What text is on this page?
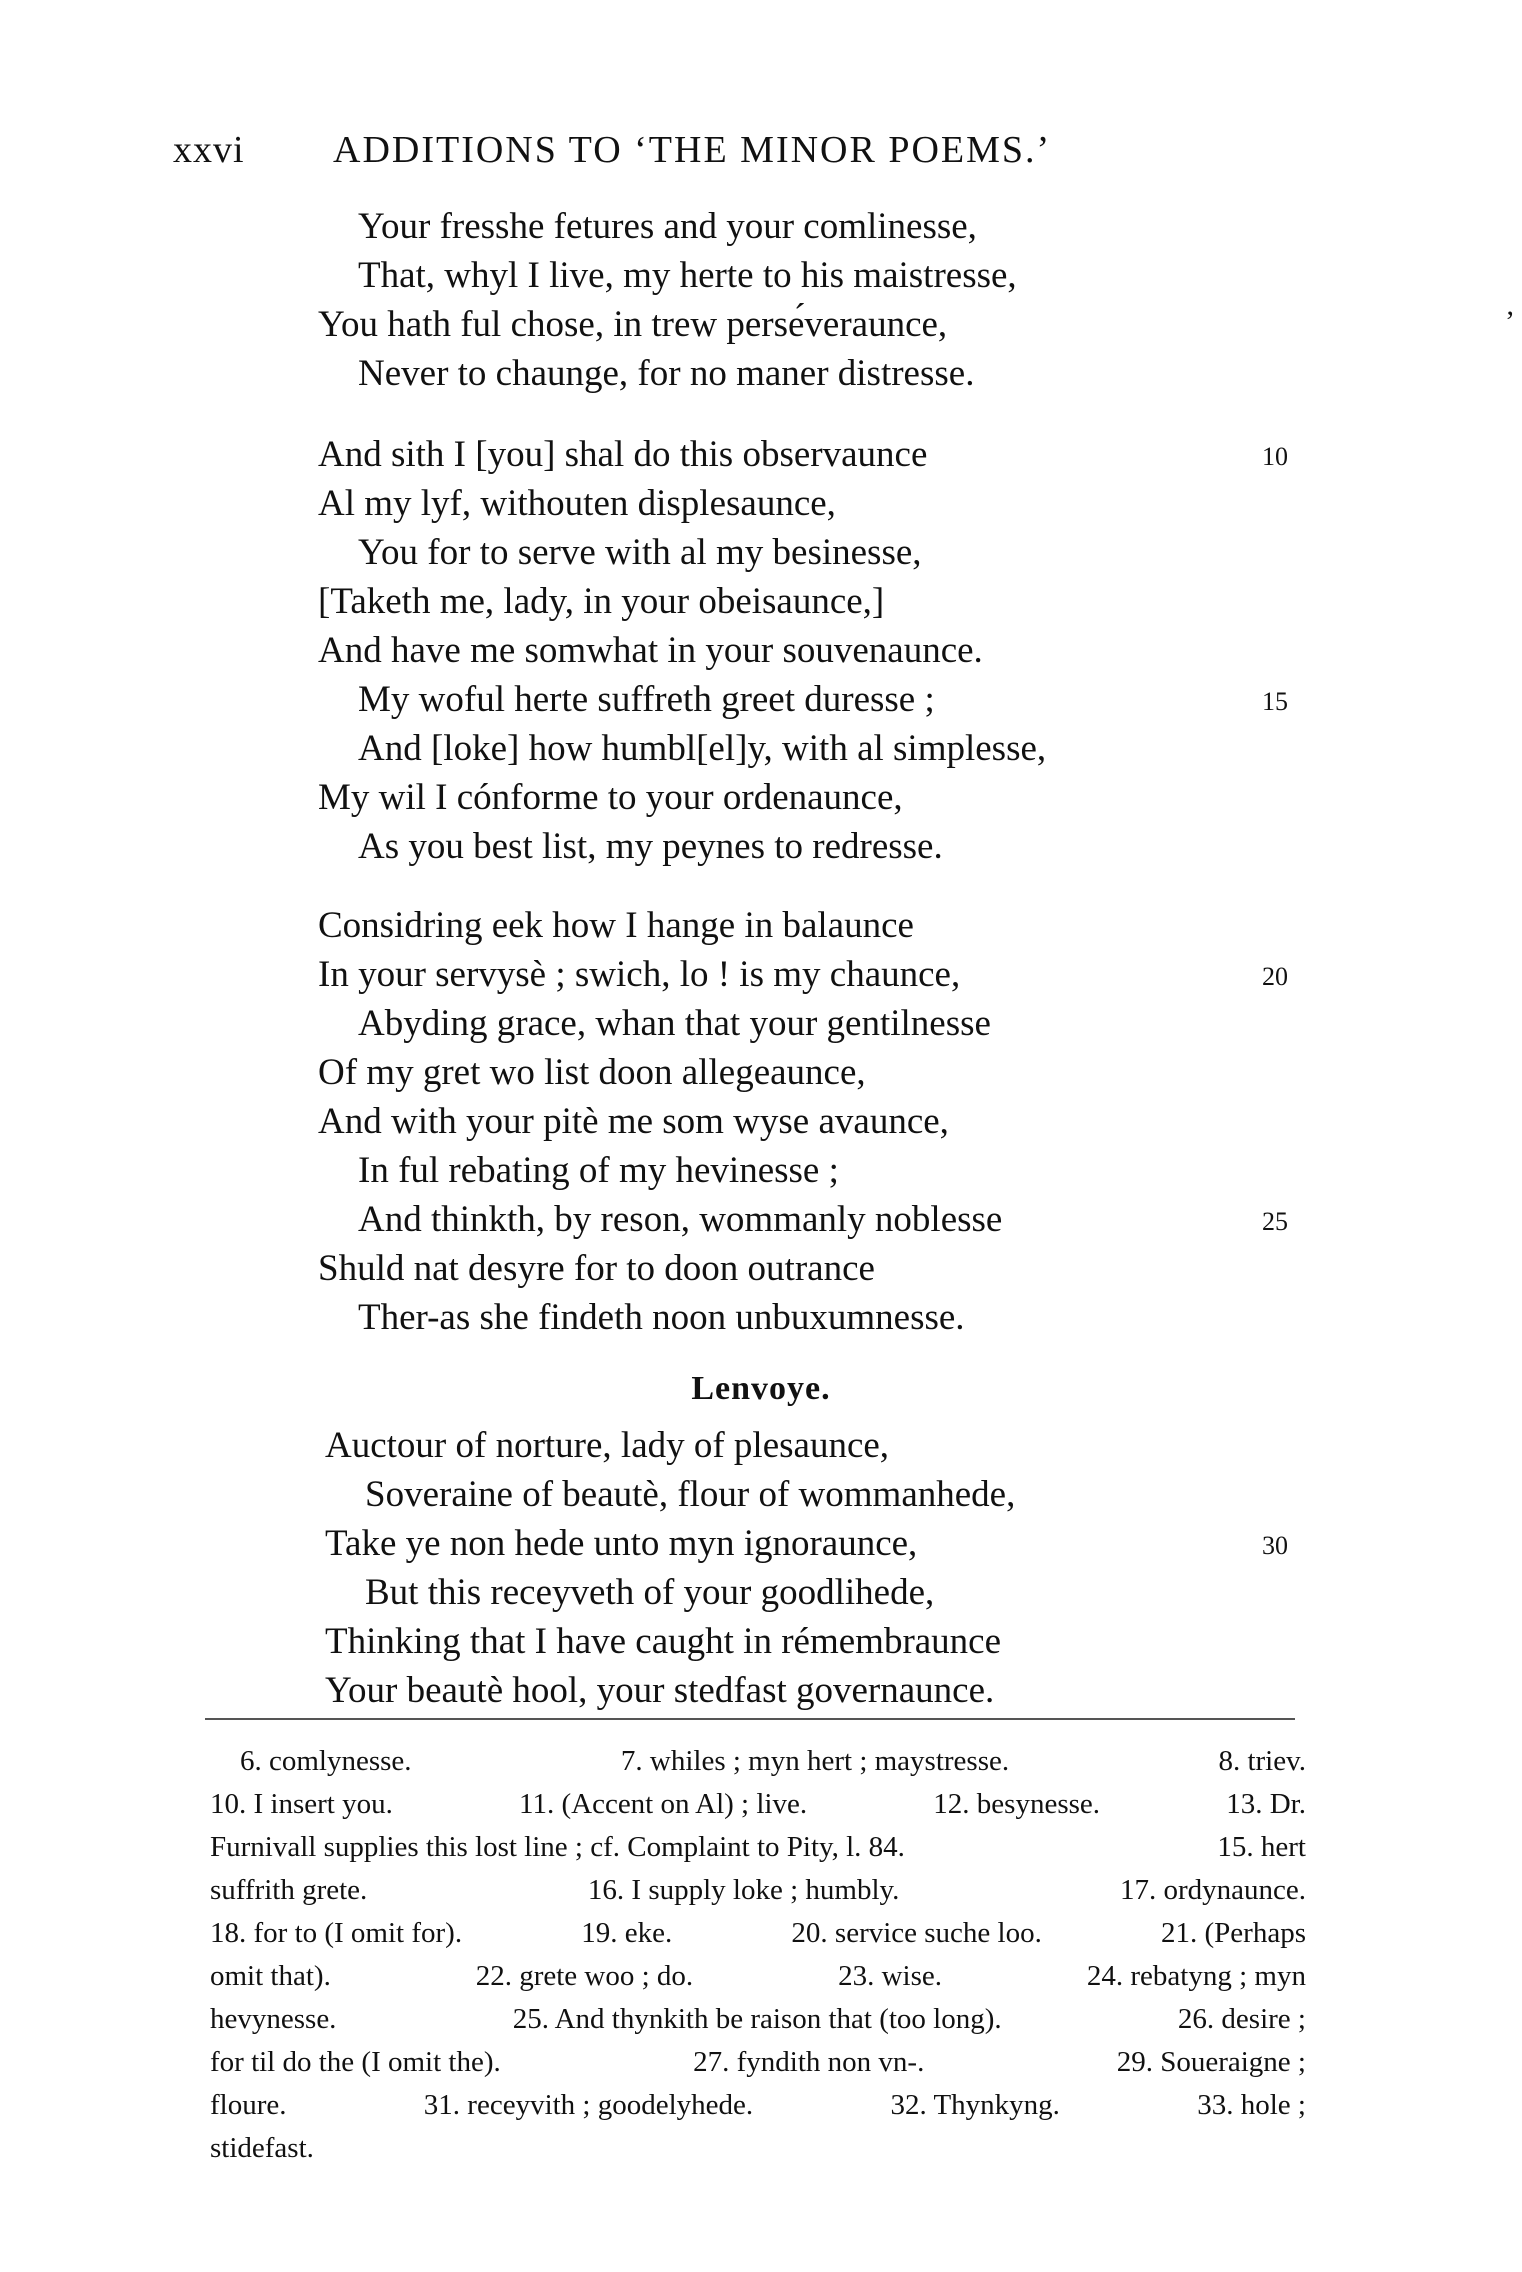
xxvi ADDITIONS TO ‘THE MINOR POEMS.’
’
Your fresshe fetures and your comlinesse,
That, whyl I live, my herte to his maistresse,
You hath ful chose, in trew persе́veraunce,
Never to chaunge, for no maner distresse.
And sith I [you] shal do this observaunce	10
Al my lyf, withouten displesaunce,
You for to serve with al my besinesse,
[Taketh me, lady, in your obeisaunce,]
And have me somwhat in your souvenaunce.
My woful herte suffreth greet duresse ;	15
And [loke] how humbl[el]y, with al simplesse,
My wil I cónforme to your ordenaunce,
As you best list, my peynes to redresse.
Considring eek how I hange in balaunce
In your servysѐ ; swich, lo ! is my chaunce,	20
Abyding grace, whan that your gentilnesse
Of my gret wo list doon allegeaunce,
And with your pitѐ me som wyse avaunce,
In ful rebating of my hevinesse ;
And thinkth, by reson, wommanly noblesse	25
Shuld nat desyre for to doon outrance
Ther-as she findeth noon unbuxumnesse.
Lenvoye.
Auctour of norture, lady of plesaunce,
Soveraine of beautѐ, flour of wommanhede,
Take ye non hede unto myn ignoraunce,	30
But this receyveth of your goodlihede,
Thinking that I have caught in rémembraunce
Your beautѐ hool, your stedfast governaunce.
6. comlynesse.	7. whiles ; myn hert ; maystresse.	8. triev.
10. I insert you.	11. (Accent on Al) ; live.	12. besynesse.	13. Dr.
Furnivall supplies this lost line ; cf. Complaint to Pity, l. 84.	15. hert
suffrith grete.	16. I supply loke ; humbly.	17. ordynaunce.
18. for to (I omit for).	19. eke.	20. service suche loo.	21. (Perhaps
omit that).	22. grete woo ; do.	23. wise.	24. rebatyng ; myn
hevynesse.	25. And thynkith be raison that (too long).	26. desire ;
for til do the (I omit the).	27. fyndith non vn-.	29. Soueraigne ;
floure.	31. receyvith ; goodelyhede.	32. Thynkyng.	33. hole ;
stidefast.
